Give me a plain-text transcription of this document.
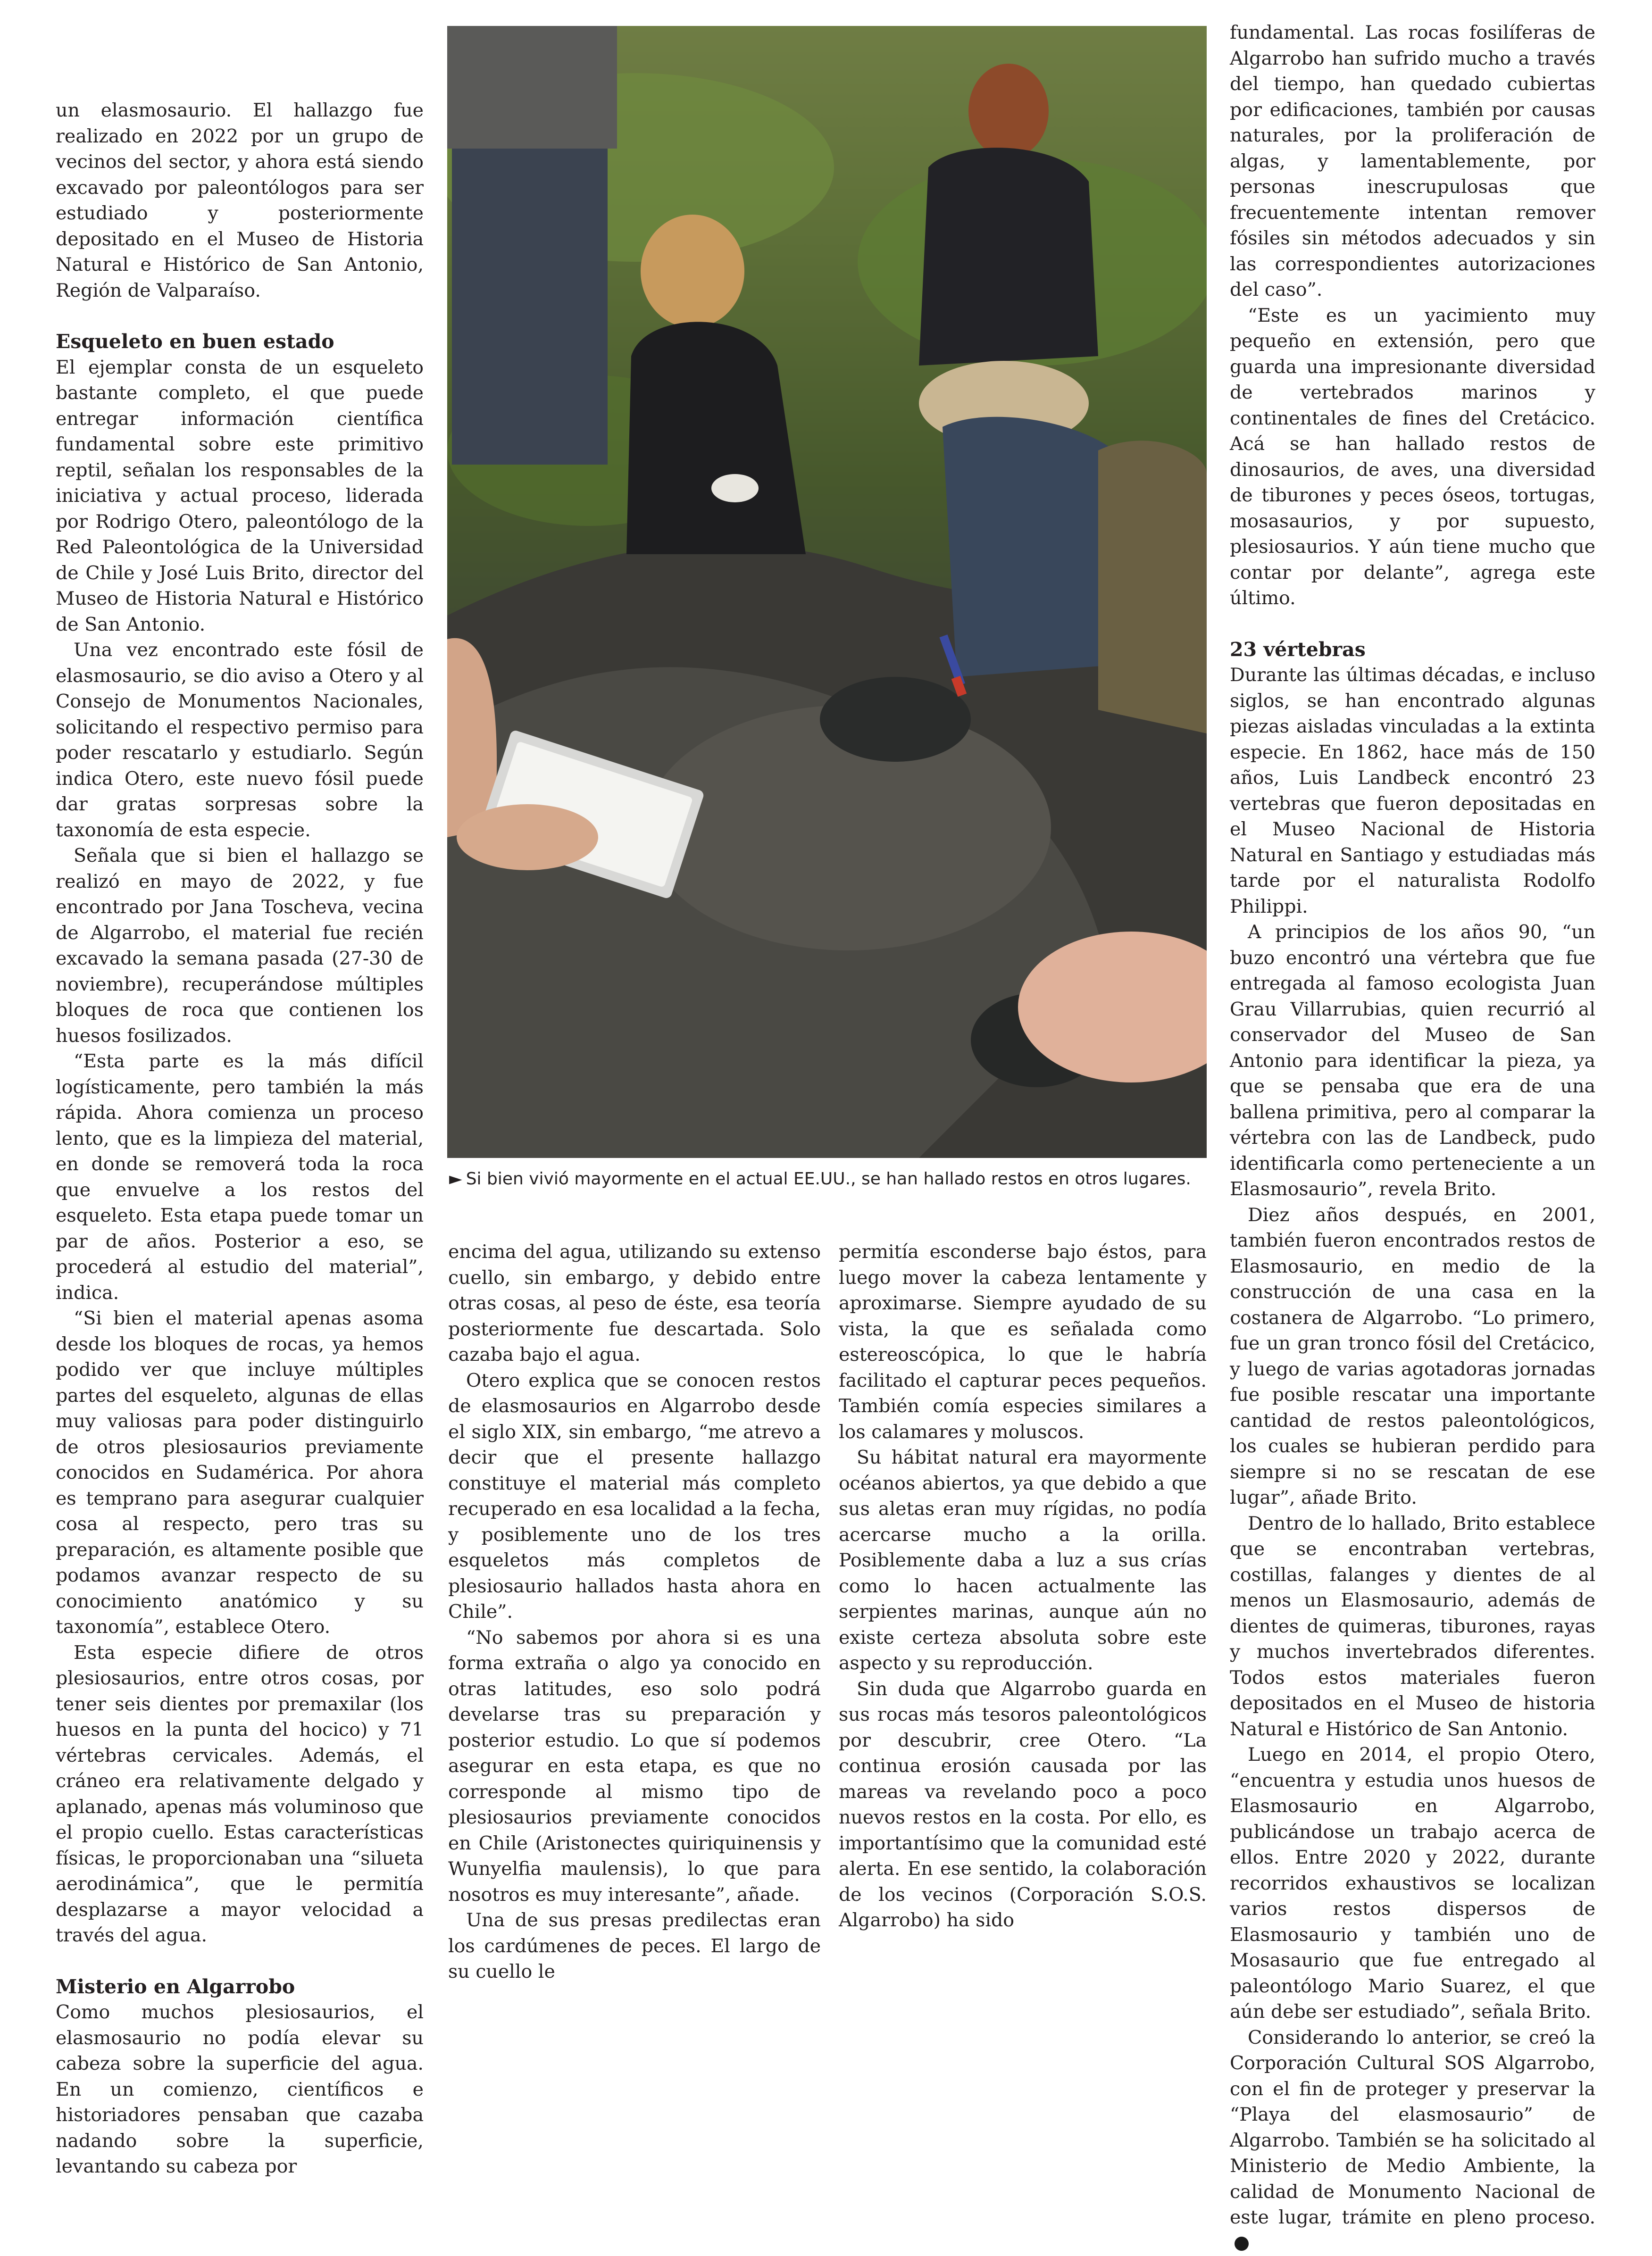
un elasmosaurio. El hallazgo fue realizado en 2022 por un grupo de vecinos del sector, y ahora está siendo excavado por paleontólogos para ser estudiado y posteriormente depositado en el Museo de Historia Natural e Histórico de San Antonio, Región de Valparaíso.

Esqueleto en buen estado

El ejemplar consta de un esqueleto bastante completo, el que puede entregar información científica fundamental sobre este primitivo reptil, señalan los responsables de la iniciativa y actual proceso, liderada por Rodrigo Otero, paleontólogo de la Red Paleontológica de la Universidad de Chile y José Luis Brito, director del Museo de Historia Natural e Histórico de San Antonio.

Una vez encontrado este fósil de elasmosaurio, se dio aviso a Otero y al Consejo de Monumentos Nacionales, solicitando el respectivo permiso para poder rescatarlo y estudiarlo. Según indica Otero, este nuevo fósil puede dar gratas sorpresas sobre la taxonomía de esta especie.

Señala que si bien el hallazgo se realizó en mayo de 2022, y fue encontrado por Jana Toscheva, vecina de Algarrobo, el material fue recién excavado la semana pasada (27-30 de noviembre), recuperándose múltiples bloques de roca que contienen los huesos fosilizados.

“Esta parte es la más difícil logísticamente, pero también la más rápida. Ahora comienza un proceso lento, que es la limpieza del material, en donde se removerá toda la roca que envuelve a los restos del esqueleto. Esta etapa puede tomar un par de años. Posterior a eso, se procederá al estudio del material”, indica.

“Si bien el material apenas asoma desde los bloques de rocas, ya hemos podido ver que incluye múltiples partes del esqueleto, algunas de ellas muy valiosas para poder distinguirlo de otros plesiosaurios previamente conocidos en Sudamérica. Por ahora es temprano para asegurar cualquier cosa al respecto, pero tras su preparación, es altamente posible que podamos avanzar respecto de su conocimiento anatómico y su taxonomía”, establece Otero.

Esta especie difiere de otros plesiosaurios, entre otros cosas, por tener seis dientes por premaxilar (los huesos en la punta del hocico) y 71 vértebras cervicales. Además, el cráneo era relativamente delgado y aplanado, apenas más voluminoso que el propio cuello. Estas características físicas, le proporcionaban una “silueta aerodinámica”, que le permitía desplazarse a mayor velocidad a través del agua.

Misterio en Algarrobo

Como muchos plesiosaurios, el elasmosaurio no podía elevar su cabeza sobre la superficie del agua. En un comienzo, científicos e historiadores pensaban que cazaba nadando sobre la superficie, levantando su cabeza por

► Si bien vivió mayormente en el actual EE.UU., se han hallado restos en otros lugares.

encima del agua, utilizando su extenso cuello, sin embargo, y debido entre otras cosas, al peso de éste, esa teoría posteriormente fue descartada. Solo cazaba bajo el agua.

Otero explica que se conocen restos de elasmosaurios en Algarrobo desde el siglo XIX, sin embargo, “me atrevo a decir que el presente hallazgo constituye el material más completo recuperado en esa localidad a la fecha, y posiblemente uno de los tres esqueletos más completos de plesiosaurio hallados hasta ahora en Chile”.

“No sabemos por ahora si es una forma extraña o algo ya conocido en otras latitudes, eso solo podrá develarse tras su preparación y posterior estudio. Lo que sí podemos asegurar en esta etapa, es que no corresponde al mismo tipo de plesiosaurios previamente conocidos en Chile (Aristonectes quiriquinensis y Wunyelfia maulensis), lo que para nosotros es muy interesante”, añade.

Una de sus presas predilectas eran los cardúmenes de peces. El largo de su cuello le

permitía esconderse bajo éstos, para luego mover la cabeza lentamente y aproximarse. Siempre ayudado de su vista, la que es señalada como estereoscópica, lo que le habría facilitado el capturar peces pequeños. También comía especies similares a los calamares y moluscos.

Su hábitat natural era mayormente océanos abiertos, ya que debido a que sus aletas eran muy rígidas, no podía acercarse mucho a la orilla. Posiblemente daba a luz a sus crías como lo hacen actualmente las serpientes marinas, aunque aún no existe certeza absoluta sobre este aspecto y su reproducción.

Sin duda que Algarrobo guarda en sus rocas más tesoros paleontológicos por descubrir, cree Otero. “La continua erosión causada por las mareas va revelando poco a poco nuevos restos en la costa. Por ello, es importantísimo que la comunidad esté alerta. En ese sentido, la colaboración de los vecinos (Corporación S.O.S. Algarrobo) ha sido

fundamental. Las rocas fosilíferas de Algarrobo han sufrido mucho a través del tiempo, han quedado cubiertas por edificaciones, también por causas naturales, por la proliferación de algas, y lamentablemente, por personas inescrupulosas que frecuentemente intentan remover fósiles sin métodos adecuados y sin las correspondientes autorizaciones del caso”.

“Este es un yacimiento muy pequeño en extensión, pero que guarda una impresionante diversidad de vertebrados marinos y continentales de fines del Cretácico. Acá se han hallado restos de dinosaurios, de aves, una diversidad de tiburones y peces óseos, tortugas, mosasaurios, y por supuesto, plesiosaurios. Y aún tiene mucho que contar por delante”, agrega este último.

23 vértebras

Durante las últimas décadas, e incluso siglos, se han encontrado algunas piezas aisladas vinculadas a la extinta especie. En 1862, hace más de 150 años, Luis Landbeck encontró 23 vertebras que fueron depositadas en el Museo Nacional de Historia Natural en Santiago y estudiadas más tarde por el naturalista Rodolfo Philippi.

A principios de los años 90, “un buzo encontró una vértebra que fue entregada al famoso ecologista Juan Grau Villarrubias, quien recurrió al conservador del Museo de San Antonio para identificar la pieza, ya que se pensaba que era de una ballena primitiva, pero al comparar la vértebra con las de Landbeck, pudo identificarla como perteneciente a un Elasmosaurio”, revela Brito.

Diez años después, en 2001, también fueron encontrados restos de Elasmosaurio, en medio de la construcción de una casa en la costanera de Algarrobo. “Lo primero, fue un gran tronco fósil del Cretácico, y luego de varias agotadoras jornadas fue posible rescatar una importante cantidad de restos paleontológicos, los cuales se hubieran perdido para siempre si no se rescatan de ese lugar”, añade Brito.

Dentro de lo hallado, Brito establece que se encontraban vertebras, costillas, falanges y dientes de al menos un Elasmosaurio, además de dientes de quimeras, tiburones, rayas y muchos invertebrados diferentes. Todos estos materiales fueron depositados en el Museo de historia Natural e Histórico de San Antonio.

Luego en 2014, el propio Otero, “encuentra y estudia unos huesos de Elasmosaurio en Algarrobo, publicándose un trabajo acerca de ellos. Entre 2020 y 2022, durante recorridos exhaustivos se localizan varios restos dispersos de Elasmosaurio y también uno de Mosasaurio que fue entregado al paleontólogo Mario Suarez, el que aún debe ser estudiado”, señala Brito.

Considerando lo anterior, se creó la Corporación Cultural SOS Algarrobo, con el fin de proteger y preservar la “Playa del elasmosaurio” de Algarrobo. También se ha solicitado al Ministerio de Medio Ambiente, la calidad de Monumento Nacional de este lugar, trámite en pleno proceso.
